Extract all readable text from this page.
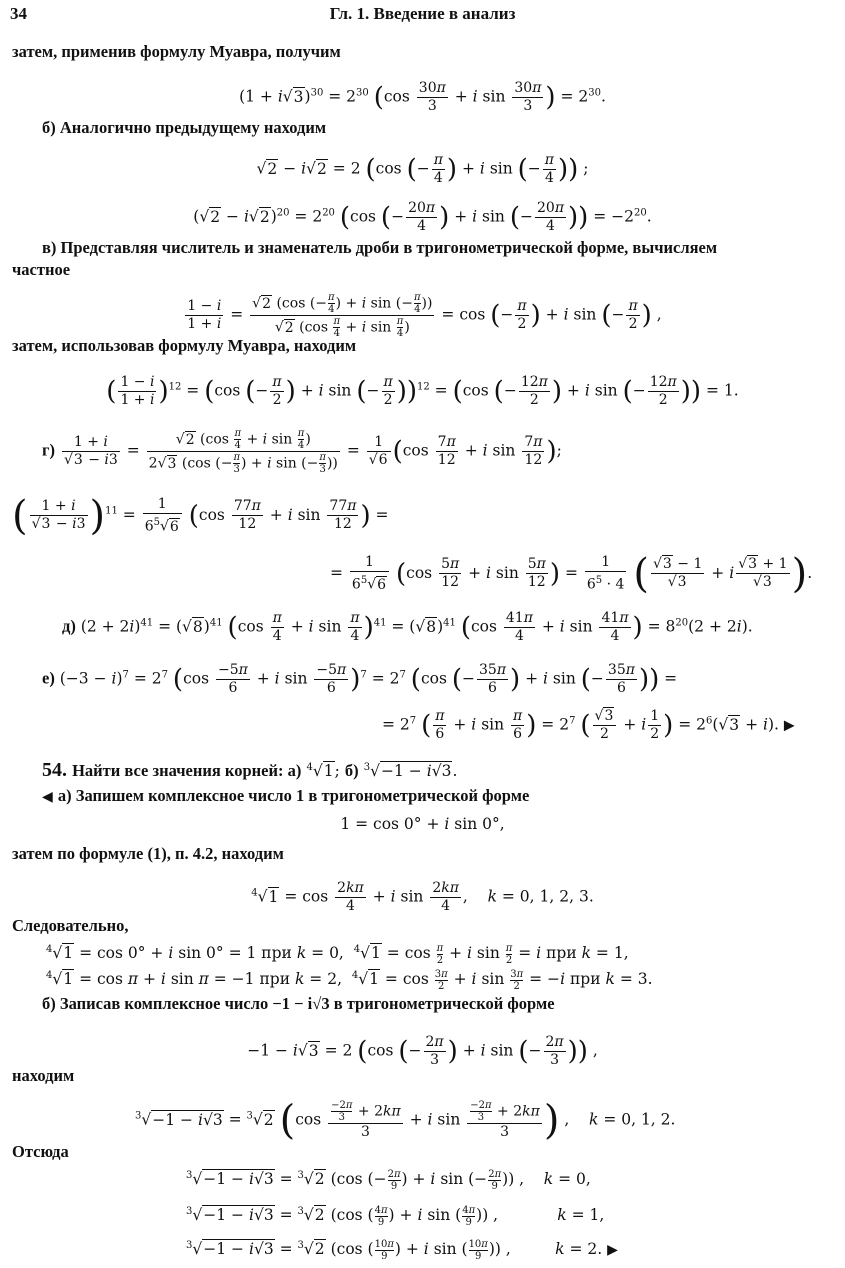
34	Гл. 1. Введение в анализ
затем, применив формулу Муавра, получим
$(1 + i√3)^{30} = 2^{30}$ ($\cos \frac{30\pi}{3} + i$ $\sin \frac{30\pi}{3}$ ) = $2^{30}$.
б) Аналогично предыдущему находим
√2 − i√2 = 2 (cos (− $\frac{\pi}{4}$ ) + i sin (− $\frac{\pi}{4}$ )) ;
$(√2 - i√2)^{20} = 2^{20}$ (cos (− $\frac{20\pi}{4}$ ) + i sin (− $\frac{20\pi}{4}$ )) = $-2^{20}$.
в) Представляя числитель и знаменатель дроби в тригонометрической форме, вычисляем
частное
$\frac{1 - i}{1 + i} = \frac{√2 (\cos (- \frac{\pi}{4} ) + i \sin (- \frac{\pi}{4} ))}{√2 (\cos \frac{\pi}{4} + i \sin \frac{\pi}{4} )} = \cos$ (− $\frac{\pi}{2}$ ) + i sin (− $\frac{\pi}{2}$ ) ,
затем, использовав формулу Муавра, находим
( $\frac{1 - i}{1 + i} )^{12} = (\cos$ (− $\frac{\pi}{2}$ ) + i sin (− $\frac{\pi}{2} ))^{12} = (\cos$ (− $\frac{12\pi}{2}$ ) + i sin (− $\frac{12\pi}{2}$ )) = 1.
$г) \frac{1 + i}{√3 - i3} = \frac{√2 (\cos \frac{\pi}{4} + i \sin \frac{\pi}{4} )}{2√3 (\cos (- \frac{\pi}{3} ) + i \sin (- \frac{\pi}{3} ))} = \frac{1}{√6} (\cos \frac{7\pi}{12} + i$ $\sin \frac{7\pi}{12}$ );
( $\frac{1 + i}{√3 - i3} )^{11} = \frac{1}{6^5√6} (\cos \frac{77\pi}{12} + i$ $\sin \frac{77\pi}{12}$ ) =
= $\frac{1}{6^5√6} (\cos \frac{5\pi}{12} + i$ $\sin \frac{5\pi}{12}$ ) = $\frac{1}{6^5 \cdot 4}$ ( $\frac{√3 - 1}{√3} + i \frac{√3 + 1}{√3}$ ).
д) $(2 + 2i)^{41} = (√8)^{41}$ ($\cos \frac{\pi}{4} + i$ $\sin \frac{\pi}{4} )^{41} = (√8)^{41}$ ($\cos \frac{41\pi}{4} + i$ $\sin \frac{41\pi}{4}$ ) = $8^{20}(2 + 2i)$.
е) $(-3 - i)^7 = 2^7$ ($\cos \frac{-5\pi}{6} + i$ $\sin \frac{-5\pi}{6} )^7 = 2^7$ (cos (− $\frac{35\pi}{6}$ ) + i sin (− $\frac{35\pi}{6}$ )) =
= $2^7$ ( $\frac{\pi}{6} + i$ $\sin \frac{\pi}{6}$ ) = $2^7$ ( $\frac{√3}{2} + i \frac{1}{2}$ ) = $2^6(√3 + i)$. ▶
54. Найти все значения корней: а) $^4$√1; б) $^3$√−1 − i√3.
◀ а) Запишем комплексное число 1 в тригонометрической форме
1 = cos 0° + i sin 0°,
затем по формуле (1), п. 4.2, находим
$^4√1 = \cos \frac{2k\pi}{4} + i$ $\sin \frac{2k\pi}{4}$ ,    k = 0, 1, 2, 3.
Следовательно,
$^4$√1 = cos 0° + i sin 0° = 1 при k = 0,  $^4√1 = \cos \frac{\pi}{2} + i$ $\sin \frac{\pi}{2} = i$ при k = 1,
$^4$√1 = cos π + i sin π = −1 при k = 2,  $^4√1 = \cos \frac{3\pi}{2} + i$ $\sin \frac{3\pi}{2} = -i$ при k = 3.
б) Записав комплексное число −1 − i√3 в тригонометрической форме
−1 − i√3 = 2 (cos (− $\frac{2\pi}{3}$ ) + i sin (− $\frac{2\pi}{3}$ )) ,
находим
$^3$√−1 − i√3 = $^3$√2 ($\cos \frac{\frac{-2\pi}{3} + 2k\pi}{3} + i$ $\sin \frac{\frac{-2\pi}{3} + 2k\pi}{3}$ ) ,    k = 0, 1, 2.
Отсюда
$^3$√−1 − i√3 = $^3$√2 (cos (− $\frac{2\pi}{9}$ ) + i sin (− $\frac{2\pi}{9}$ )) ,    k = 0,
$^3$√−1 − i√3 = $^3$√2 (cos ( $\frac{4\pi}{9}$ ) + i sin ( $\frac{4\pi}{9}$ )) ,            k = 1,
$^3$√−1 − i√3 = $^3$√2 (cos ( $\frac{10\pi}{9}$ ) + i sin ( $\frac{10\pi}{9}$ )) ,         k = 2. ▶
